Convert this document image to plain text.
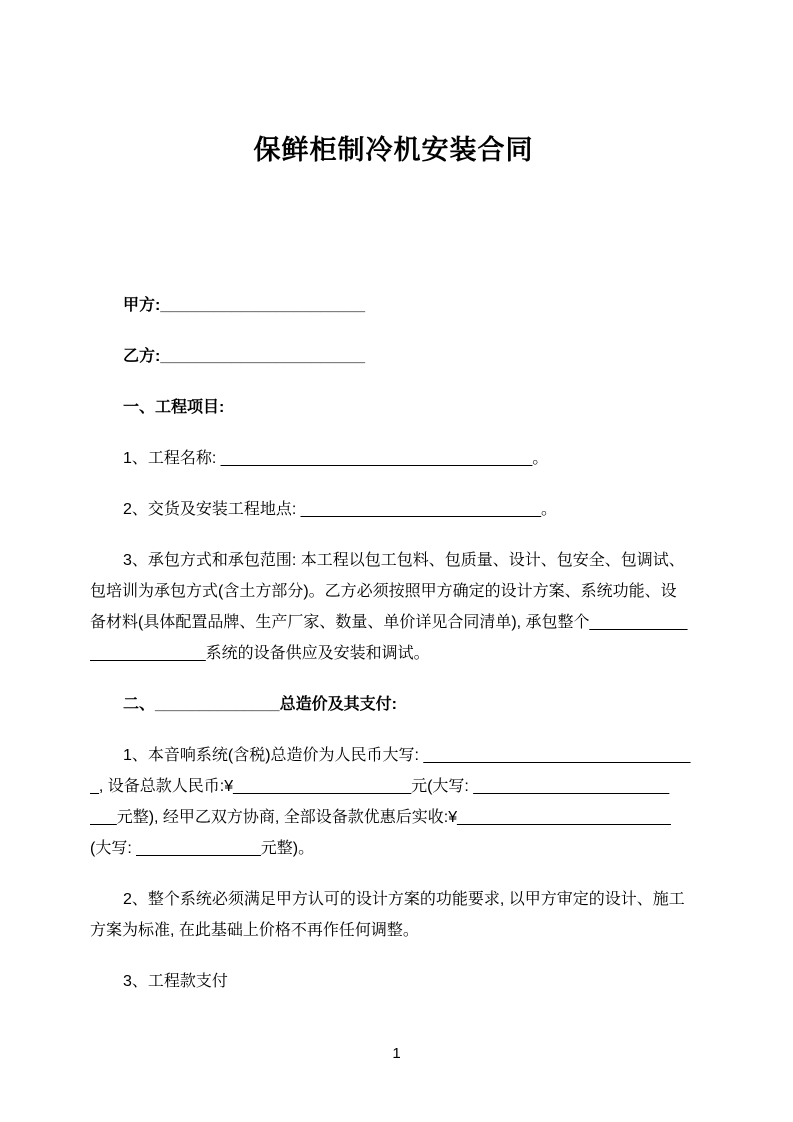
保鲜柜制冷机安装合同

甲方:_______________________

乙方:_______________________

一、工程项目:

1、工程名称: ___________________________________。

2、交货及安装工程地点: ___________________________。

3、承包方式和承包范围: 本工程以包工包料、包质量、设计、包安全、包调试、

包培训为承包方式(含土方部分)。乙方必须按照甲方确定的设计方案、系统功能、设

备材料(具体配置品牌、生产厂家、数量、单价详见合同清单), 承包整个___________

_____________系统的设备供应及安装和调试。

二、______________总造价及其支付:

1、本音响系统(含税)总造价为人民币大写: ______________________________

_, 设备总款人民币:¥____________________元(大写: ______________________

___元整), 经甲乙双方协商, 全部设备款优惠后实收:¥________________________

(大写: ______________元整)。

2、整个系统必须满足甲方认可的设计方案的功能要求, 以甲方审定的设计、施工

方案为标准, 在此基础上价格不再作任何调整。

3、工程款支付

1
